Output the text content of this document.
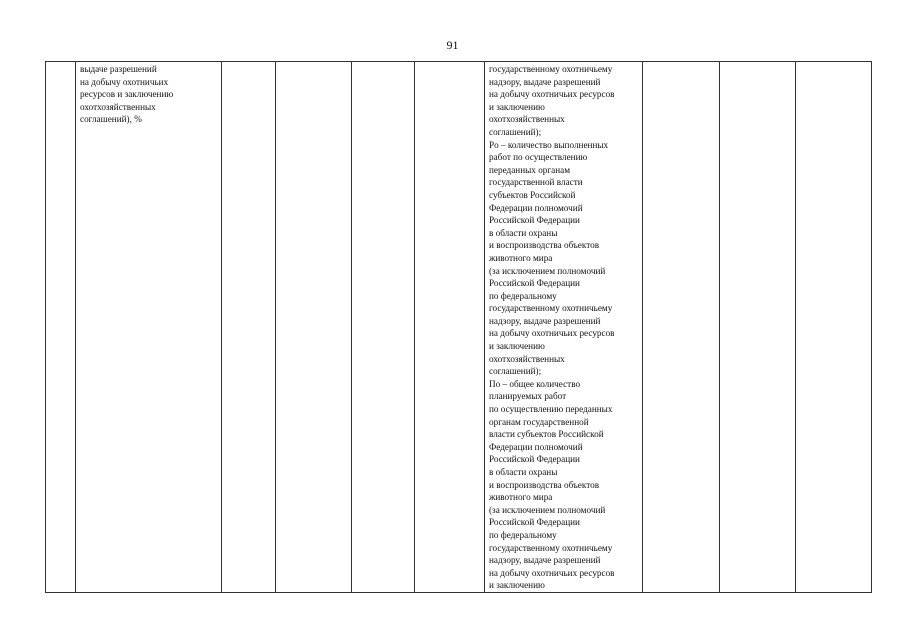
91

выдаче разрешений
на добычу охотничьих
ресурсов и заключению
охотхозяйственных
соглашений), %

государственному охотничьему
надзору, выдаче разрешений
на добычу охотничьих ресурсов
и заключению
охотхозяйственных
соглашений);
Po – количество выполненных
работ по осуществлению
переданных органам
государственной власти
субъектов Российской
Федерации полномочий
Российской Федерации
в области охраны
и воспроизводства объектов
животного мира
(за исключением полномочий
Российской Федерации
по федеральному
государственному охотничьему
надзору, выдаче разрешений
на добычу охотничьих ресурсов
и заключению
охотхозяйственных
соглашений);
По – общее количество
планируемых работ
по осуществлению переданных
органам государственной
власти субъектов Российской
Федерации полномочий
Российской Федерации
в области охраны
и воспроизводства объектов
животного мира
(за исключением полномочий
Российской Федерации
по федеральному
государственному охотничьему
надзору, выдаче разрешений
на добычу охотничьих ресурсов
и заключению
